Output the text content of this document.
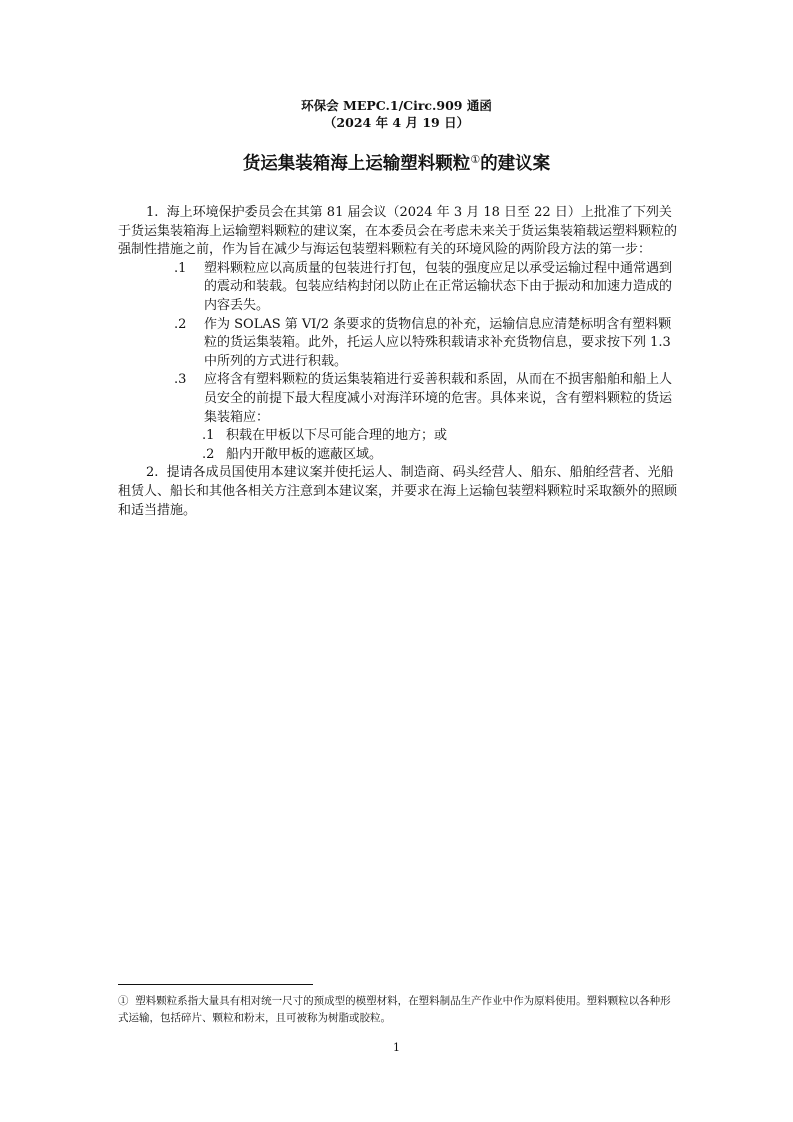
环保会 MEPC.1/Circ.909 通函
（2024 年 4 月 19 日）
货运集装箱海上运输塑料颗粒①的建议案

1.  海上环境保护委员会在其第 81 届会议（2024 年 3 月 18 日至 22 日）上批准了下列关于货运集装箱海上运输塑料颗粒的建议案，在本委员会在考虑未来关于货运集装箱载运塑料颗粒的强制性措施之前，作为旨在减少与海运包装塑料颗粒有关的环境风险的两阶段方法的第一步：

.1 塑料颗粒应以高质量的包装进行打包，包装的强度应足以承受运输过程中通常遇到的震动和装载。包装应结构封闭以防止在正常运输状态下由于振动和加速力造成的内容丢失。
.2 作为 SOLAS 第 VI/2 条要求的货物信息的补充，运输信息应清楚标明含有塑料颗粒的货运集装箱。此外，托运人应以特殊积载请求补充货物信息，要求按下列 1.3 中所列的方式进行积载。
.3 应将含有塑料颗粒的货运集装箱进行妥善积载和系固，从而在不损害船舶和船上人员安全的前提下最大程度减小对海洋环境的危害。具体来说，含有塑料颗粒的货运集装箱应：
.1 积载在甲板以下尽可能合理的地方；或
.2 船内开敞甲板的遮蔽区域。

2.  提请各成员国使用本建议案并使托运人、制造商、码头经营人、船东、船舶经营者、光船租赁人、船长和其他各相关方注意到本建议案，并要求在海上运输包装塑料颗粒时采取额外的照顾和适当措施。

① 塑料颗粒系指大量具有相对统一尺寸的预成型的模塑材料，在塑料制品生产作业中作为原料使用。塑料颗粒以各种形式运输，包括碎片、颗粒和粉末，且可被称为树脂或胶粒。
1
